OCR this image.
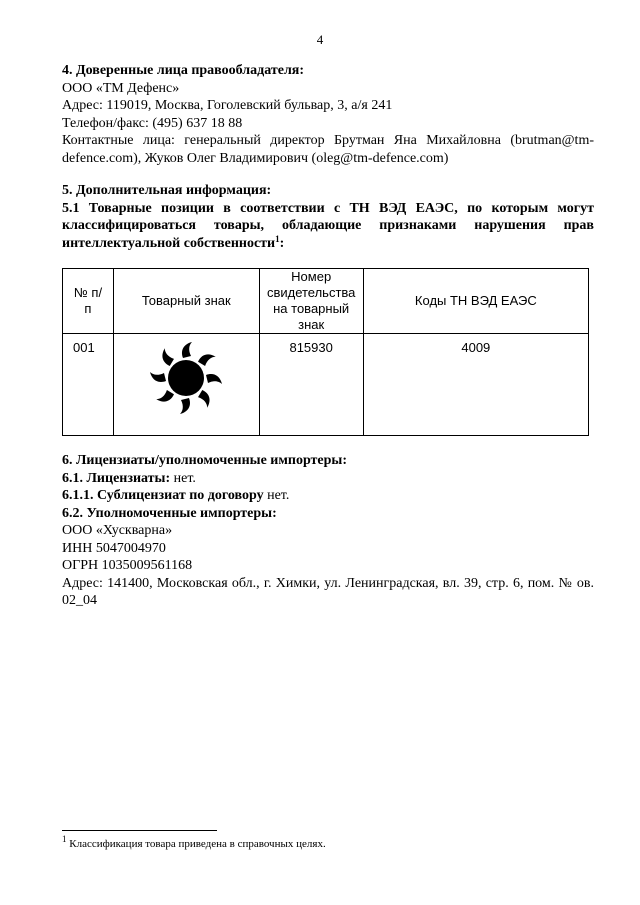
4
4. Доверенные лица правообладателя:
ООО «ТМ Дефенс»
Адрес: 119019, Москва, Гоголевский бульвар, 3, а/я 241
Телефон/факс: (495) 637 18 88
Контактные лица: генеральный директор Брутман Яна Михайловна (brutman@tm-defence.com), Жуков Олег Владимирович (oleg@tm-defence.com)
5. Дополнительная информация:
5.1 Товарные позиции в соответствии с ТН ВЭД ЕАЭС, по которым могут классифицироваться товары, обладающие признаками нарушения прав интеллектуальной собственности$^1$:
№ п/п	Товарный знак	Номер свидетельства на товарный знак	Коды ТН ВЭД ЕАЭС
001		815930	4009
6. Лицензиаты/уполномоченные импортеры:
6.1. Лицензиаты: нет.
6.1.1. Сублицензиат по договору нет.
6.2. Уполномоченные импортеры:
ООО «Хускварна»
ИНН 5047004970
ОГРН 1035009561168
Адрес: 141400, Московская обл., г. Химки, ул. Ленинградская, вл. 39, стр. 6, пом. № ов. 02_04
$^1$ Классификация товара приведена в справочных целях.
